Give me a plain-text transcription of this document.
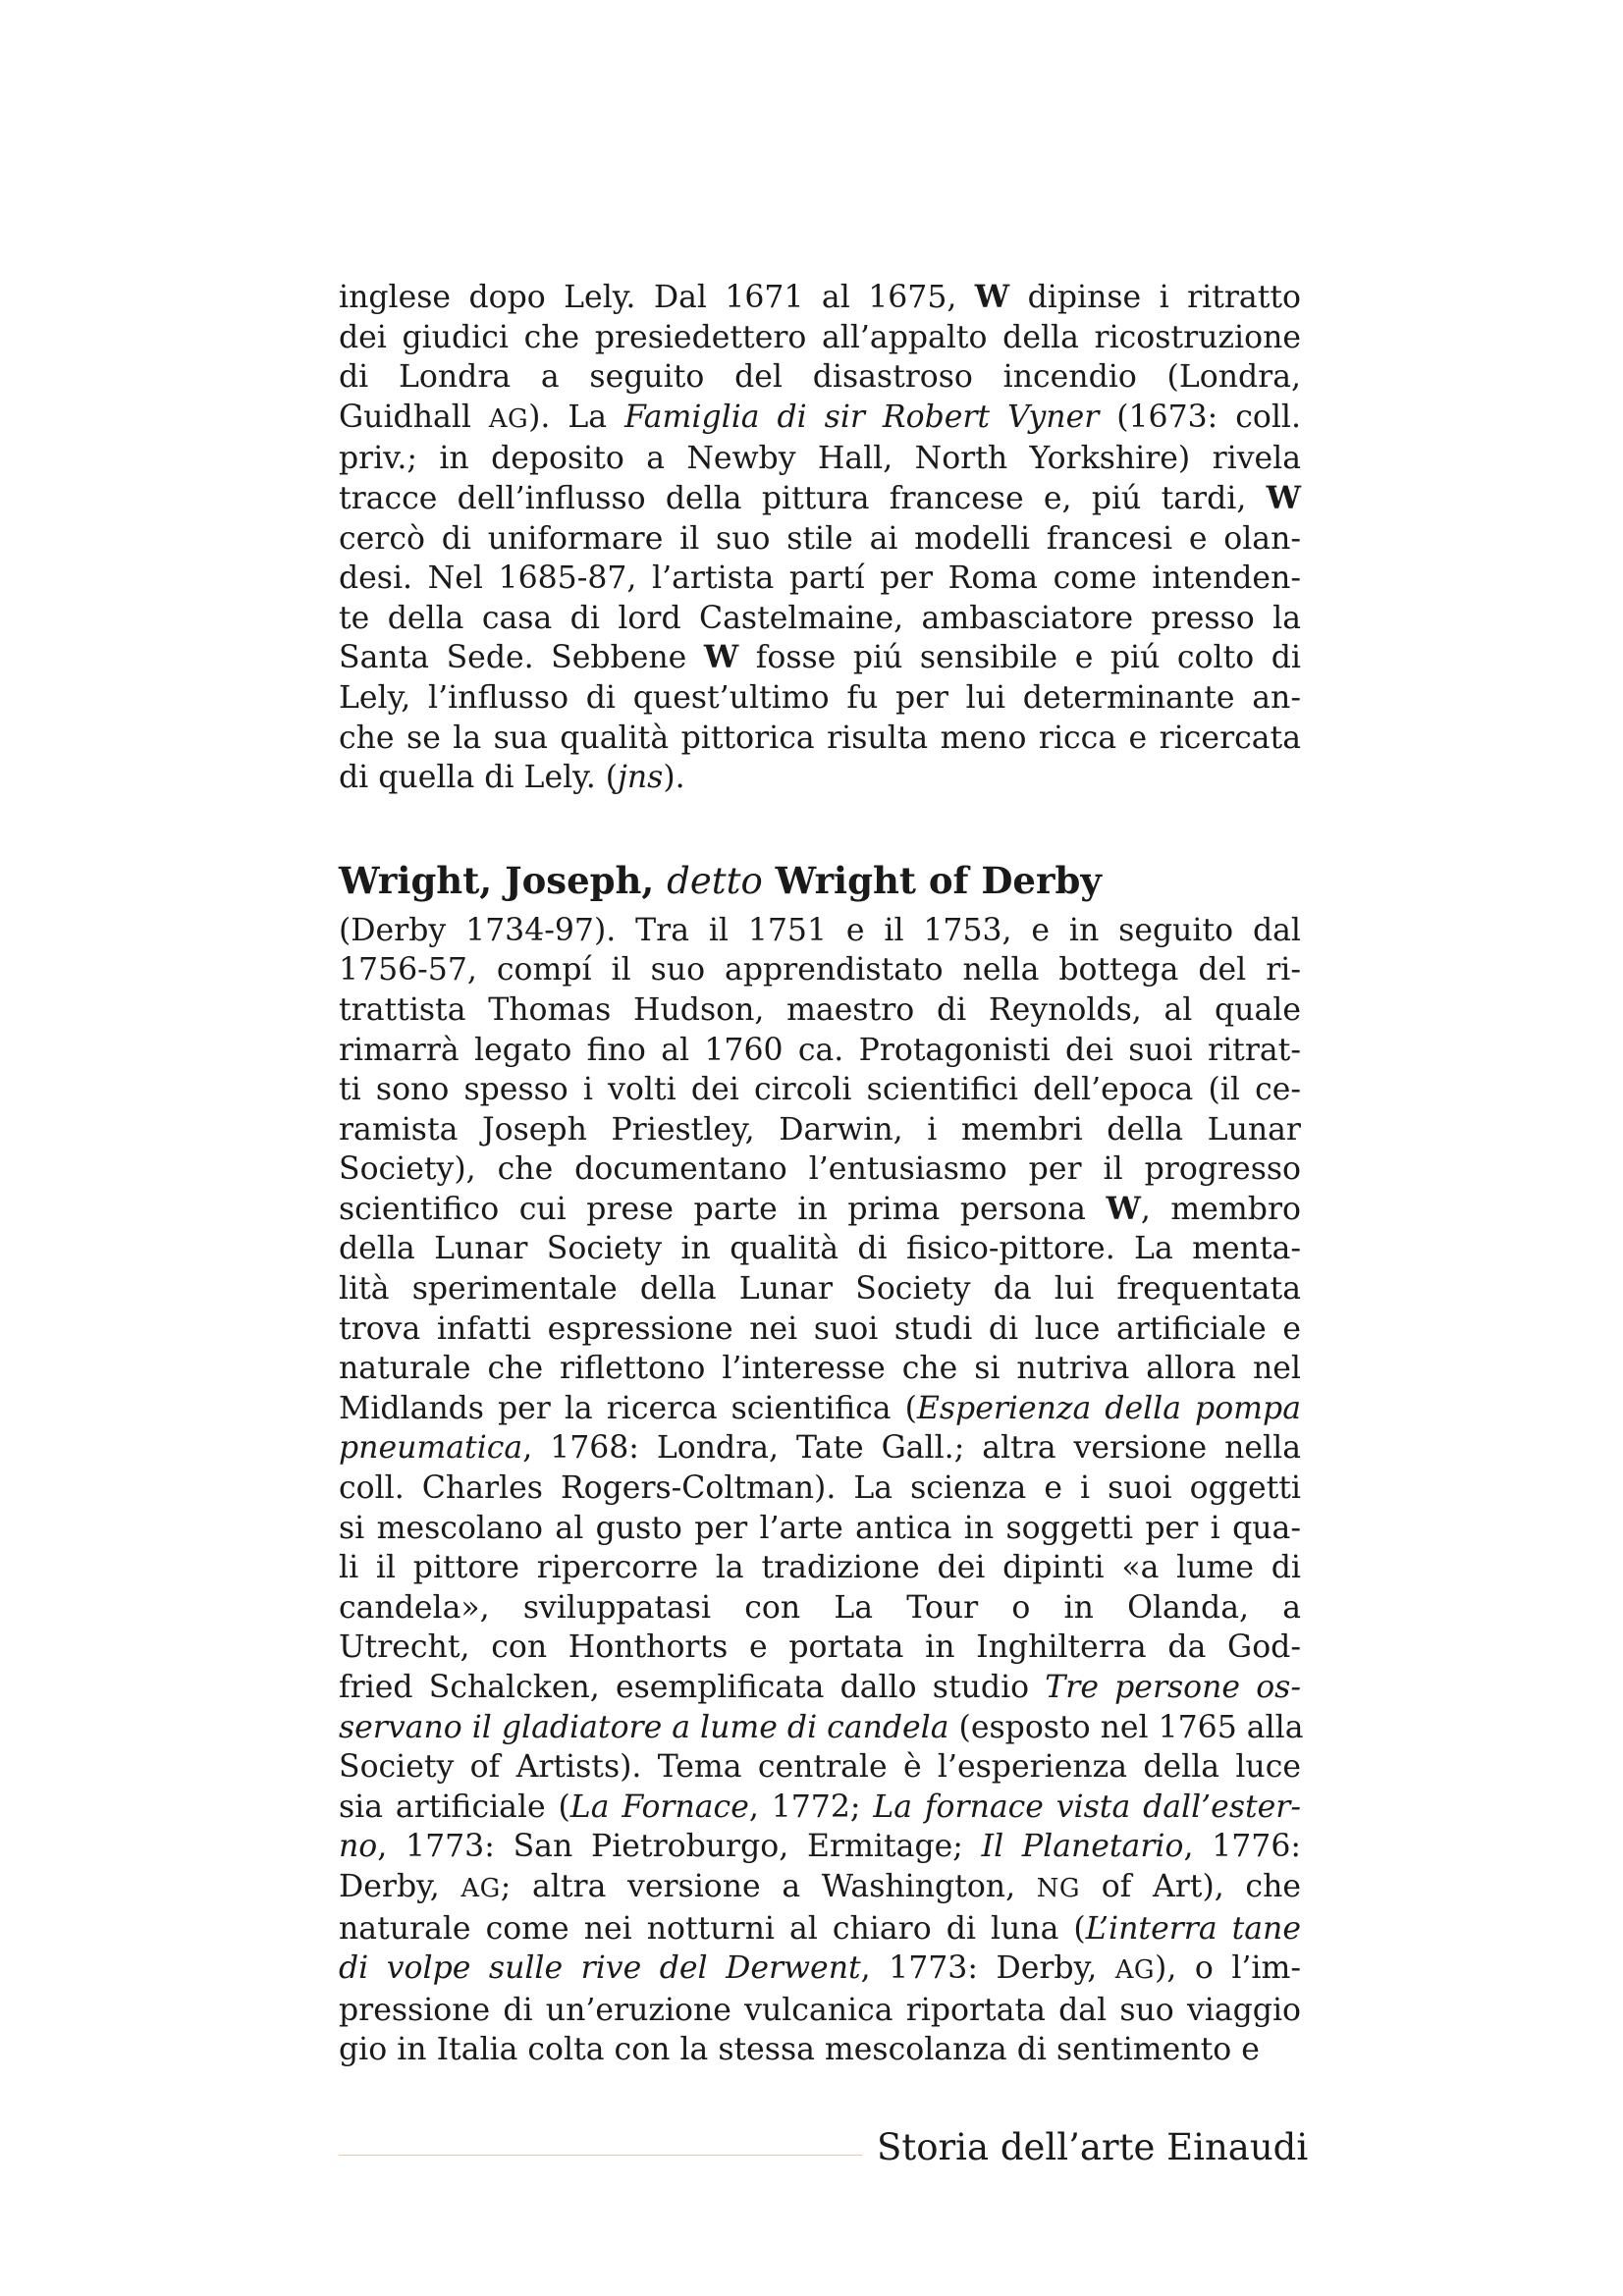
inglese dopo Lely. Dal 1671 al 1675, W dipinse i ritratto
dei giudici che presiedettero all’appalto della ricostruzione
di Londra a seguito del disastroso incendio (Londra,
Guidhall AG). La Famiglia di sir Robert Vyner (1673: coll.
priv.; in deposito a Newby Hall, North Yorkshire) rivela
tracce dell’influsso della pittura francese e, piú tardi, W
cercò di uniformare il suo stile ai modelli francesi e olan-
desi. Nel 1685-87, l’artista partí per Roma come intenden-
te della casa di lord Castelmaine, ambasciatore presso la
Santa Sede. Sebbene W fosse piú sensibile e piú colto di
Lely, l’influsso di quest’ultimo fu per lui determinante an-
che se la sua qualità pittorica risulta meno ricca e ricercata
di quella di Lely. (jns).
Wright, Joseph, detto Wright of Derby
(Derby 1734-97). Tra il 1751 e il 1753, e in seguito dal
1756-57, compí il suo apprendistato nella bottega del ri-
trattista Thomas Hudson, maestro di Reynolds, al quale
rimarrà legato fino al 1760 ca. Protagonisti dei suoi ritrat-
ti sono spesso i volti dei circoli scientifici dell’epoca (il ce-
ramista Joseph Priestley, Darwin, i membri della Lunar
Society), che documentano l’entusiasmo per il progresso
scientifico cui prese parte in prima persona W, membro
della Lunar Society in qualità di fisico-pittore. La menta-
lità sperimentale della Lunar Society da lui frequentata
trova infatti espressione nei suoi studi di luce artificiale e
naturale che riflettono l’interesse che si nutriva allora nel
Midlands per la ricerca scientifica (Esperienza della pompa
pneumatica, 1768: Londra, Tate Gall.; altra versione nella
coll. Charles Rogers-Coltman). La scienza e i suoi oggetti
si mescolano al gusto per l’arte antica in soggetti per i qua-
li il pittore ripercorre la tradizione dei dipinti «a lume di
candela», sviluppatasi con La Tour o in Olanda, a
Utrecht, con Honthorts e portata in Inghilterra da God-
fried Schalcken, esemplificata dallo studio Tre persone os-
servano il gladiatore a lume di candela (esposto nel 1765 alla
Society of Artists). Tema centrale è l’esperienza della luce
sia artificiale (La Fornace, 1772; La fornace vista dall’ester-
no, 1773: San Pietroburgo, Ermitage; Il Planetario, 1776:
Derby, AG; altra versione a Washington, NG of Art), che
naturale come nei notturni al chiaro di luna (L’interra tane
di volpe sulle rive del Derwent, 1773: Derby, AG), o l’im-
pressione di un’eruzione vulcanica riportata dal suo viaggio
gio in Italia colta con la stessa mescolanza di sentimento e
Storia dell’arte Einaudi
